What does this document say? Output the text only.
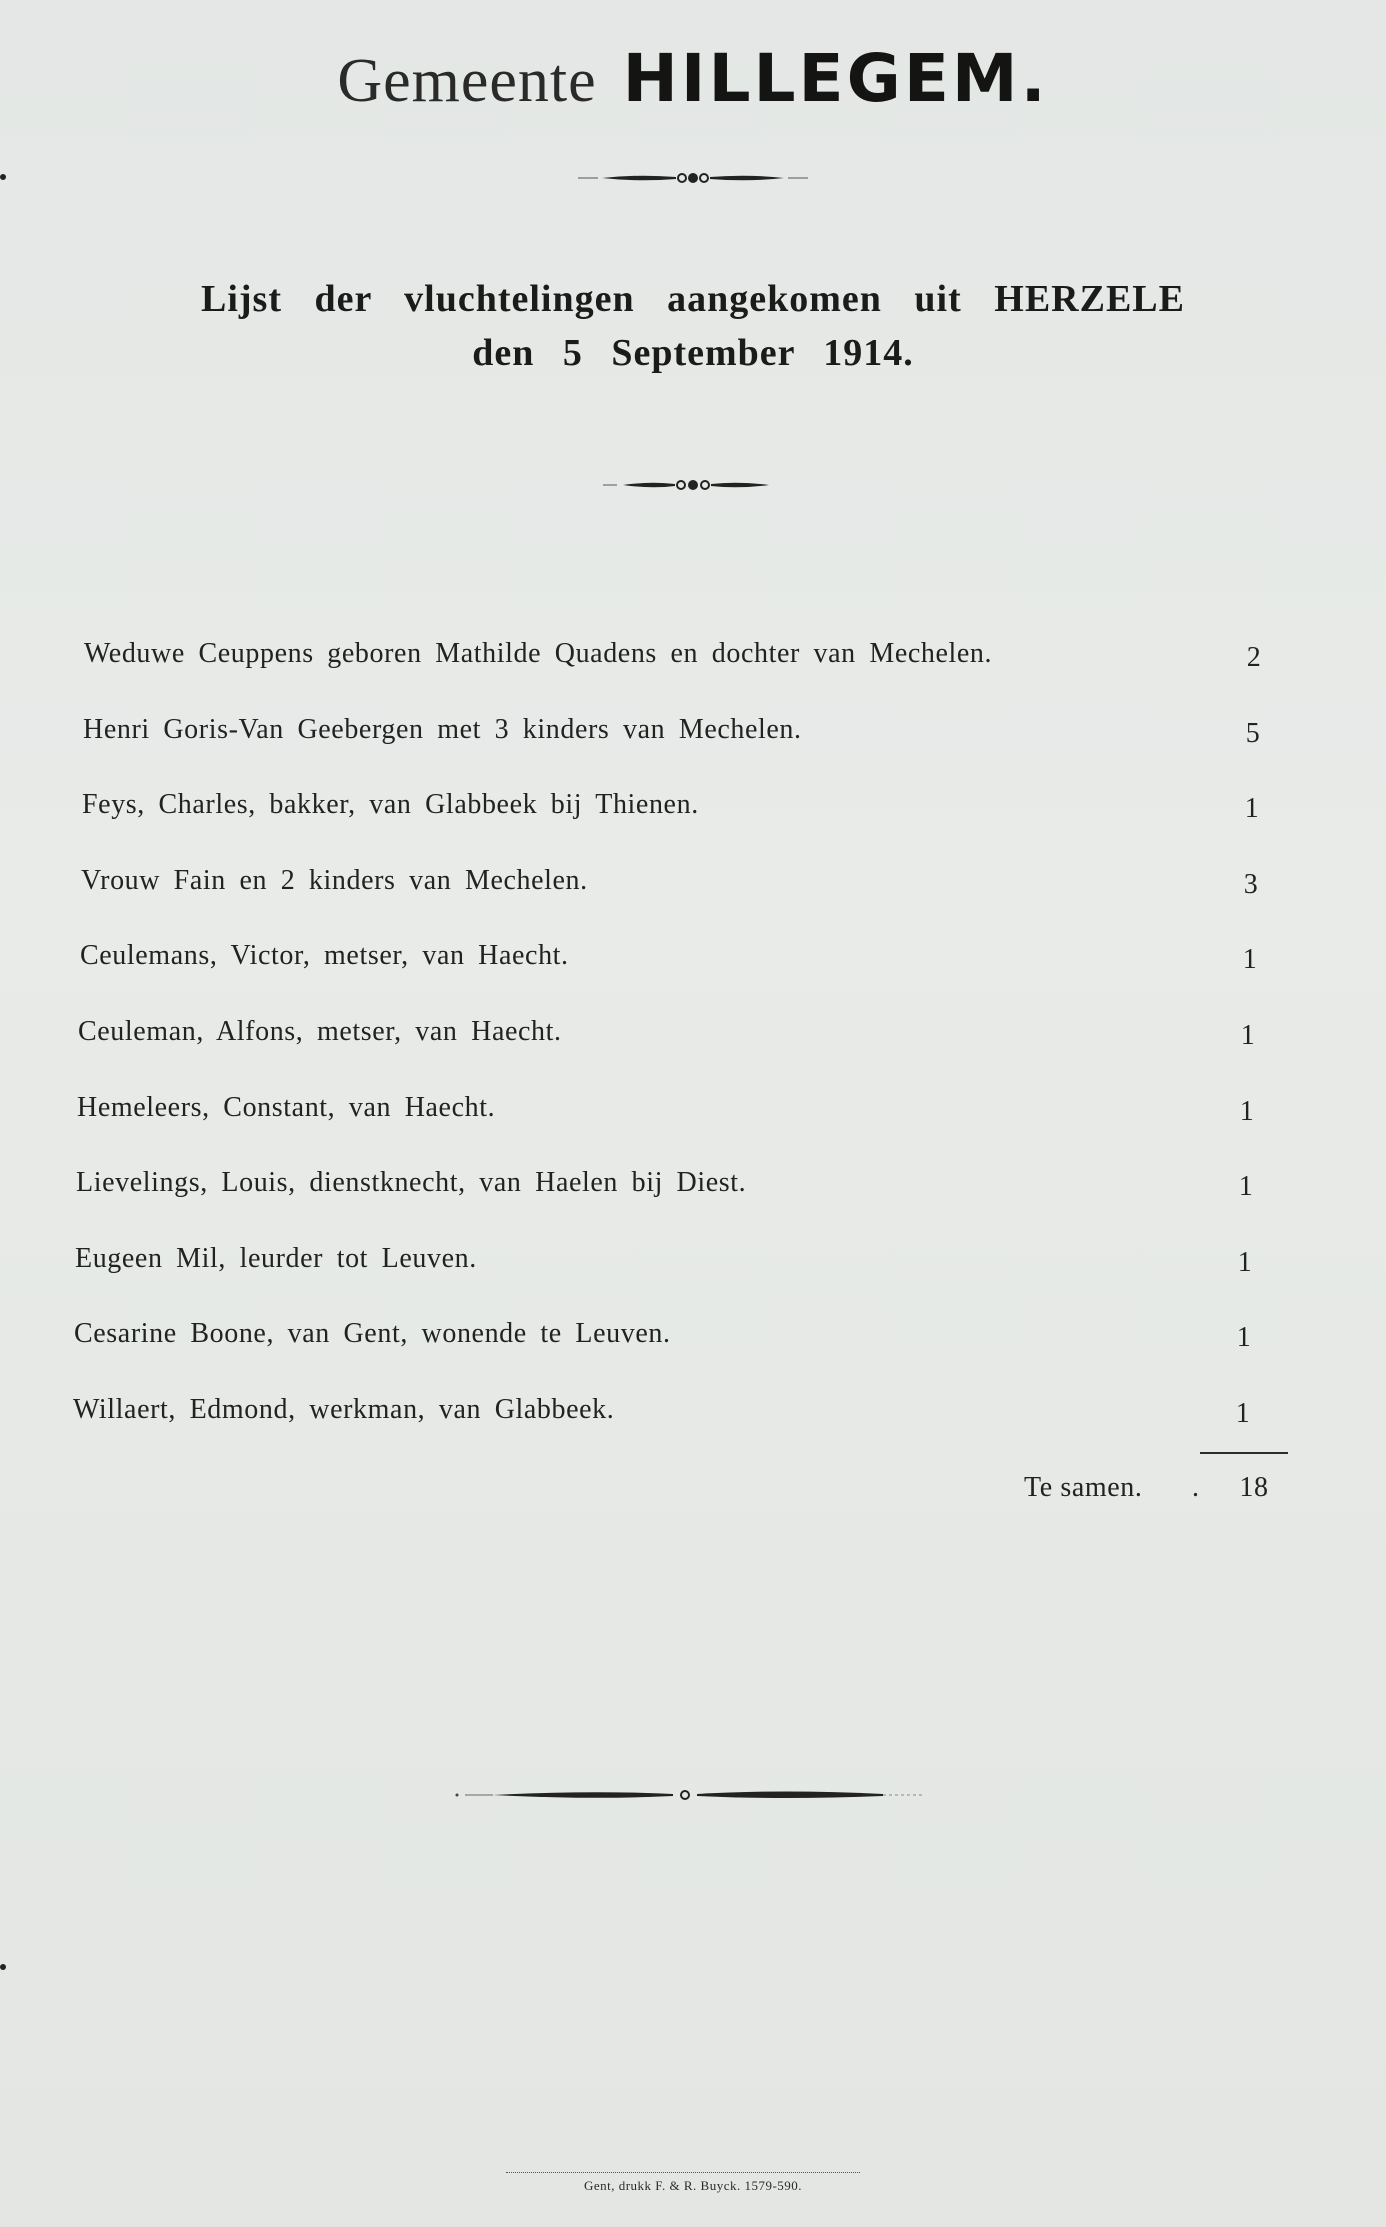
Gemeente HILLEGEM.
Lijst der vluchtelingen aangekomen uit HERZELE
den 5 September 1914.
Weduwe Ceuppens geboren Mathilde Quadens en dochter van Mechelen.	2
Henri Goris-Van Geebergen met 3 kinders van Mechelen.	5
Feys, Charles, bakker, van Glabbeek bij Thienen.	1
Vrouw Fain en 2 kinders van Mechelen.	3
Ceulemans, Victor, metser, van Haecht.	1
Ceuleman, Alfons, metser, van Haecht.	1
Hemeleers, Constant, van Haecht.	1
Lievelings, Louis, dienstknecht, van Haelen bij Diest.	1
Eugeen Mil, leurder tot Leuven.	1
Cesarine Boone, van Gent, wonende te Leuven.	1
Willaert, Edmond, werkman, van Glabbeek.	1
Te samen. . 18
Gent, drukk F. & R. Buyck. 1579-590.
